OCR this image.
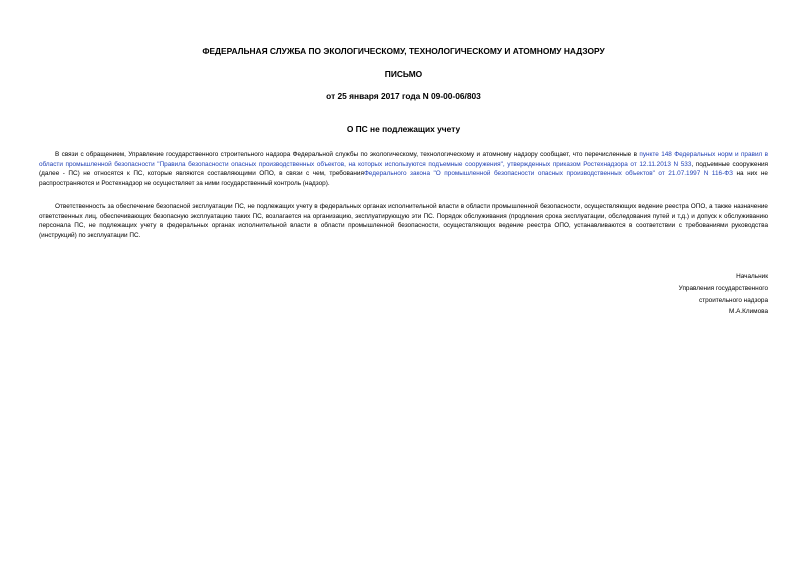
ФЕДЕРАЛЬНАЯ СЛУЖБА ПО ЭКОЛОГИЧЕСКОМУ, ТЕХНОЛОГИЧЕСКОМУ И АТОМНОМУ НАДЗОРУ

ПИСЬМО

от 25 января 2017 года N 09-00-06/803

О ПС не подлежащих учету

В связи с обращением, Управление государственного строительного надзора Федеральной службы по экологическому, технологическому и атомному надзору сообщает, что перечисленные в пункте 148 Федеральных норм и правил в области промышленной безопасности "Правила безопасности опасных производственных объектов, на которых используются подъемные сооружения", утвержденных приказом Ростехнадзора от 12.11.2013 N 533, подъемные сооружения (далее - ПС) не относятся к ПС, которые являются составляющими ОПО, в связи с чем, требованияФедерального закона "О промышленной безопасности опасных производственных объектов" от 21.07.1997 N 116-ФЗ на них не распространяются и Ростехнадзор не осуществляет за ними государственный контроль (надзор).

Ответственность за обеспечение безопасной эксплуатации ПС, не подлежащих учету в федеральных органах исполнительной власти в области промышленной безопасности, осуществляющих ведение реестра ОПО, а также назначение ответственных лиц, обеспечивающих безопасную эксплуатацию таких ПС, возлагается на организацию, эксплуатирующую эти ПС. Порядок обслуживания (продления срока эксплуатации, обследования путей и т.д.) и допуск к обслуживанию персонала ПС, не подлежащих учету в федеральных органах исполнительной власти в области промышленной безопасности, осуществляющих ведение реестра ОПО, устанавливаются в соответствии с требованиями руководства (инструкций) по эксплуатации ПС.

Начальник
Управления государственного
строительного надзора
М.А.Климова
